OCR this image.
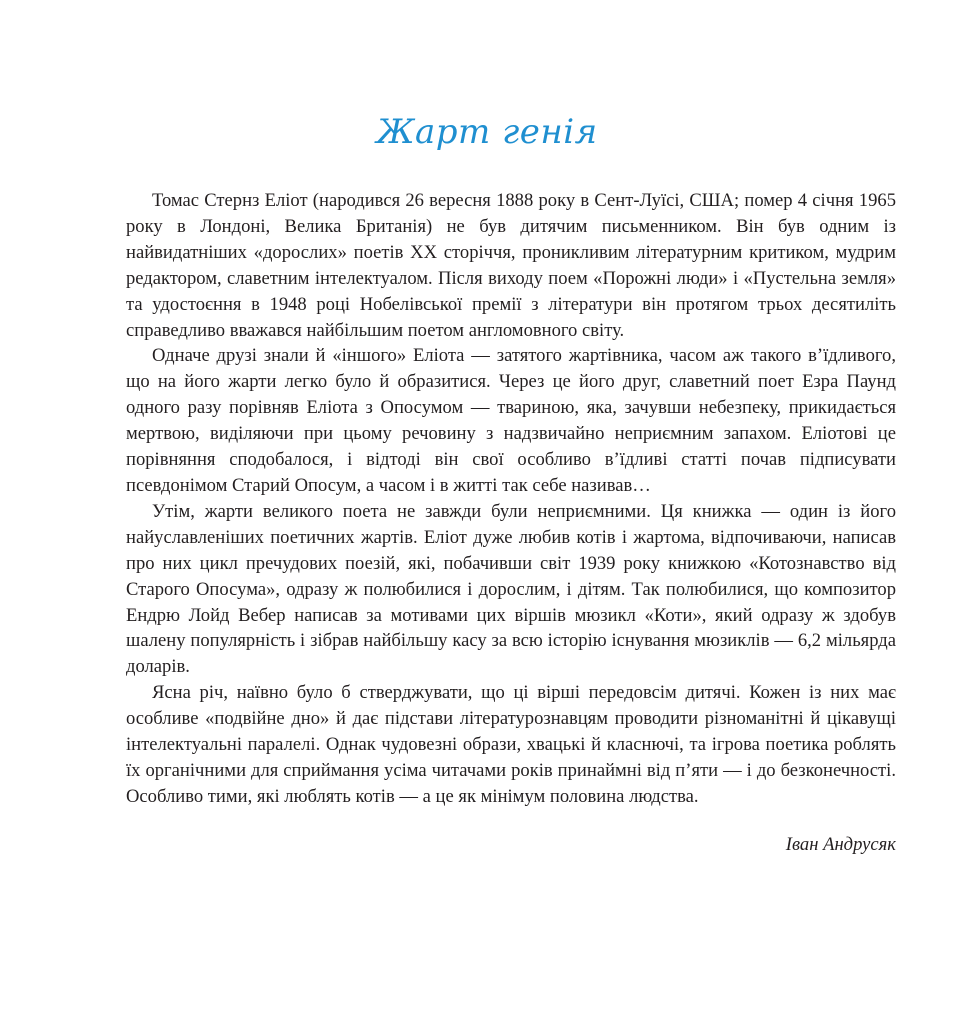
Жарт генія

Томас Стернз Еліот (народився 26 вересня 1888 року в Сент-Луїсі, США; помер 4 січня 1965 року в Лондоні, Велика Британія) не був дитячим письменником. Він був одним із найвидатніших «дорослих» поетів ХХ сторіччя, проникливим літературним критиком, мудрим редактором, славетним інтелектуалом. Після виходу поем «Порожні люди» і «Пустельна земля» та удостоєння в 1948 році Нобелівської премії з літератури він протягом трьох десятиліть справедливо вважався найбільшим поетом англомовного світу.

Одначе друзі знали й «іншого» Еліота — затятого жартівника, часом аж такого в’їдливого, що на його жарти легко було й образитися. Через це його друг, славетний поет Езра Паунд одного разу порівняв Еліота з Опосумом — твариною, яка, зачувши небезпеку, прикидається мертвою, виділяючи при цьому речовину з надзвичайно неприємним запахом. Еліотові це порівняння сподобалося, і відтоді він свої особливо в’їдливі статті почав підписувати псевдонімом Старий Опосум, а часом і в житті так себе називав…

Утім, жарти великого поета не завжди були неприємними. Ця книжка — один із його найуславленіших поетичних жартів. Еліот дуже любив котів і жартома, відпочиваючи, написав про них цикл пречудових поезій, які, побачивши світ 1939 року книжкою «Котознавство від Старого Опосума», одразу ж полюбилися і дорослим, і дітям. Так полюбилися, що композитор Ендрю Лойд Вебер написав за мотивами цих віршів мюзикл «Коти», який одразу ж здобув шалену популярність і зібрав найбільшу касу за всю історію існування мюзиклів — 6,2 мільярда доларів.

Ясна річ, наївно було б стверджувати, що ці вірші передовсім дитячі. Кожен із них має особливе «подвійне дно» й дає підстави літературознавцям проводити різноманітні й цікавущі інтелектуальні паралелі. Однак чудовезні образи, хвацькі й класнючі, та ігрова поетика роблять їх органічними для сприймання усіма читачами років принаймні від п’яти — і до безконечності. Особливо тими, які люблять котів — а це як мінімум половина людства.

Іван Андрусяк
